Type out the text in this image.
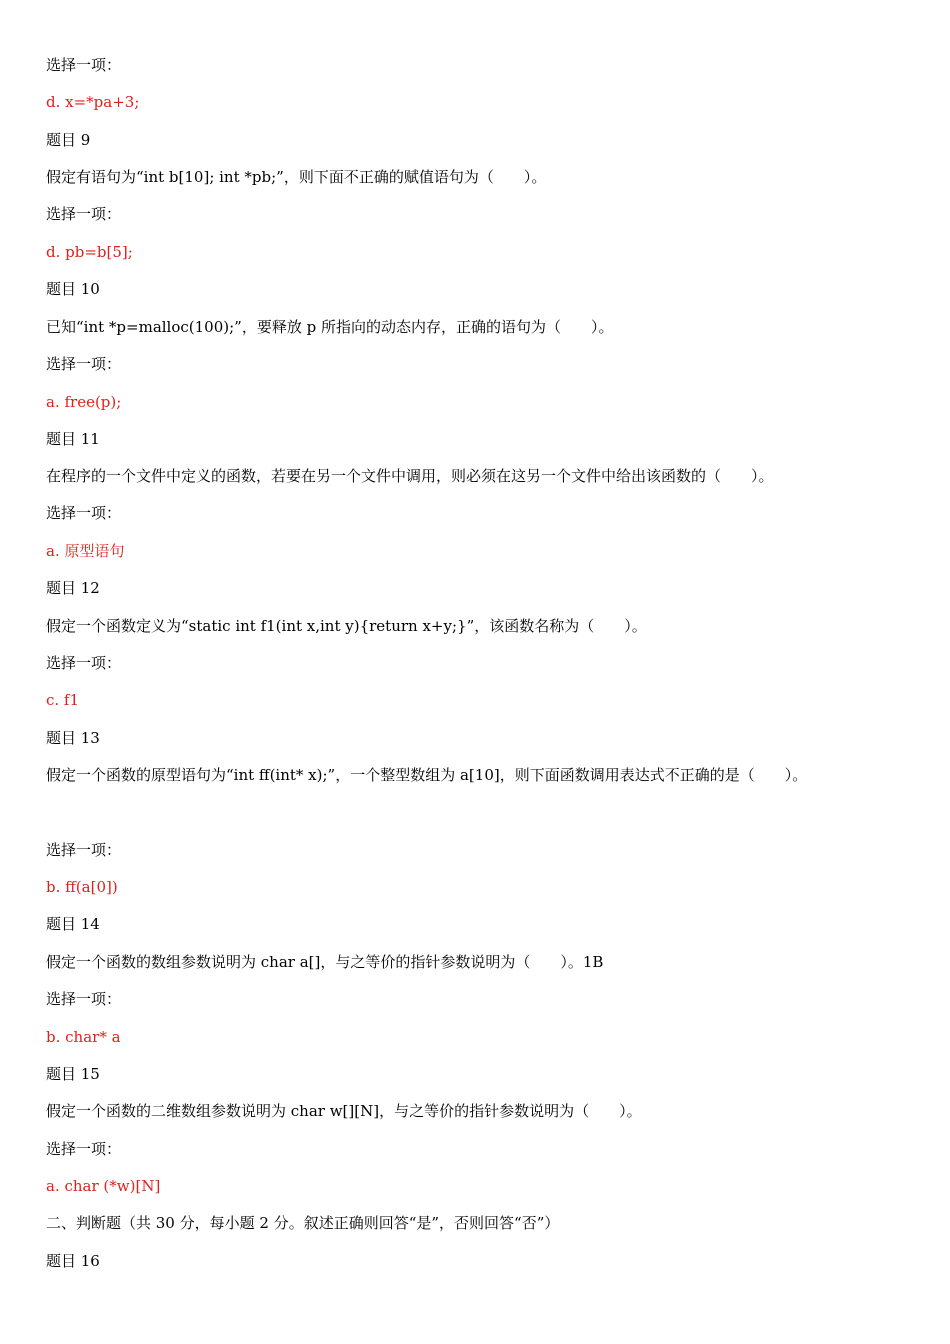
选择一项：
d. x=*pa+3;
题目 9
假定有语句为“int b[10]; int *pb;”，则下面不正确的赋值语句为（　　）。
选择一项：
d. pb=b[5];
题目 10
已知“int *p=malloc(100);”，要释放 p 所指向的动态内存，正确的语句为（　　）。
选择一项：
a. free(p);
题目 11
在程序的一个文件中定义的函数，若要在另一个文件中调用，则必须在这另一个文件中给出该函数的（　　）。
选择一项：
a. 原型语句
题目 12
假定一个函数定义为“static int f1(int x,int y){return x+y;}”，该函数名称为（　　）。
选择一项：
c. f1
题目 13
假定一个函数的原型语句为“int ff(int* x);”，一个整型数组为 a[10]，则下面函数调用表达式不正确的是（　　）。
选择一项：
b. ff(a[0])
题目 14
假定一个函数的数组参数说明为 char a[]，与之等价的指针参数说明为（　　）。1B
选择一项：
b. char* a
题目 15
假定一个函数的二维数组参数说明为 char w[][N]，与之等价的指针参数说明为（　　）。
选择一项：
a. char (*w)[N]
二、判断题（共 30 分，每小题 2 分。叙述正确则回答“是”，否则回答“否”）
题目 16
